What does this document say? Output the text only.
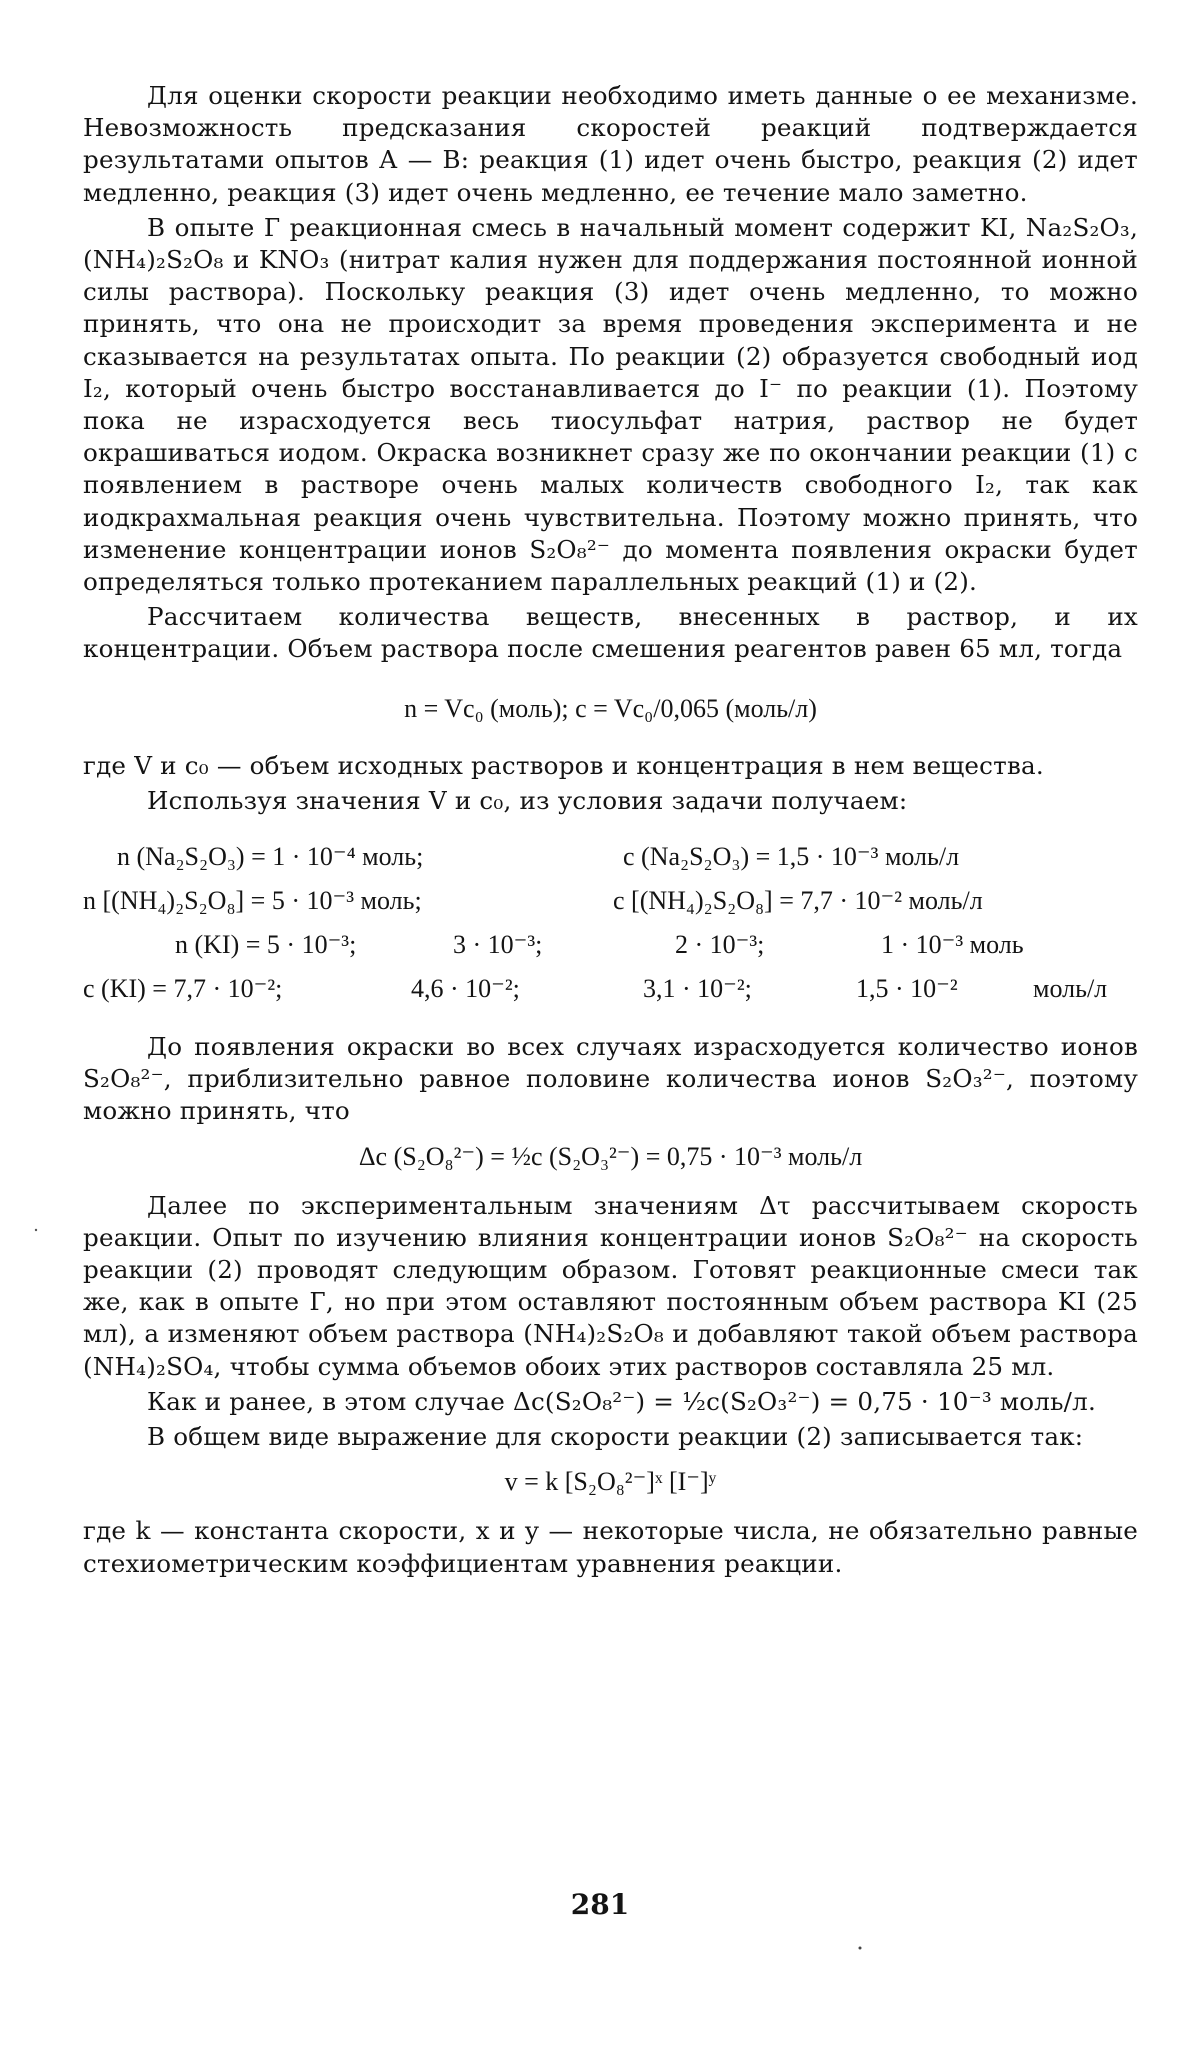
Для оценки скорости реакции необходимо иметь данные о ее механизме. Невозможность предсказания скоростей реакций подтверждается результатами опытов А — В: реакция (1) идет очень быстро, реакция (2) идет медленно, реакция (3) идет очень медленно, ее течение мало заметно.

В опыте Г реакционная смесь в начальный момент содержит KI, Na₂S₂O₃, (NH₄)₂S₂O₈ и KNO₃ (нитрат калия нужен для поддержания постоянной ионной силы раствора). Поскольку реакция (3) идет очень медленно, то можно принять, что она не происходит за время проведения эксперимента и не сказывается на результатах опыта. По реакции (2) образуется свободный иод I₂, который очень быстро восстанавливается до I⁻ по реакции (1). Поэтому пока не израсходуется весь тиосульфат натрия, раствор не будет окрашиваться иодом. Окраска возникнет сразу же по окончании реакции (1) с появлением в растворе очень малых количеств свободного I₂, так как иодкрахмальная реакция очень чувствительна. Поэтому можно принять, что изменение концентрации ионов S₂O₈²⁻ до момента появления окраски будет определяться только протеканием параллельных реакций (1) и (2).

Рассчитаем количества веществ, внесенных в раствор, и их концентрации. Объем раствора после смешения реагентов равен 65 мл, тогда

n = Vc₀ (моль); c = Vc₀/0,065 (моль/л)

где V и c₀ — объем исходных растворов и концентрация в нем вещества.

Используя значения V и c₀, из условия задачи получаем:

n (Na₂S₂O₃) = 1 · 10⁻⁴ моль;	c (Na₂S₂O₃) = 1,5 · 10⁻³ моль/л
n [(NH₄)₂S₂O₈] = 5 · 10⁻³ моль;	c [(NH₄)₂S₂O₈] = 7,7 · 10⁻² моль/л
n (KI) = 5 · 10⁻³;	3 · 10⁻³;	2 · 10⁻³;	1 · 10⁻³ моль
c (KI) = 7,7 · 10⁻²;	4,6 · 10⁻²;	3,1 · 10⁻²;	1,5 · 10⁻²	моль/л

До появления окраски во всех случаях израсходуется количество ионов S₂O₈²⁻, приблизительно равное половине количества ионов S₂O₃²⁻, поэтому можно принять, что

Δc (S₂O₈²⁻) = ½c (S₂O₃²⁻) = 0,75 · 10⁻³ моль/л

Далее по экспериментальным значениям Δτ рассчитываем скорость реакции. Опыт по изучению влияния концентрации ионов S₂O₈²⁻ на скорость реакции (2) проводят следующим образом. Готовят реакционные смеси так же, как в опыте Г, но при этом оставляют постоянным объем раствора KI (25 мл), а изменяют объем раствора (NH₄)₂S₂O₈ и добавляют такой объем раствора (NH₄)₂SO₄, чтобы сумма объемов обоих этих растворов составляла 25 мл.

Как и ранее, в этом случае Δc(S₂O₈²⁻) = ½c(S₂O₃²⁻) = 0,75 · 10⁻³ моль/л.

В общем виде выражение для скорости реакции (2) записывается так:

v = k [S₂O₈²⁻]ˣ [I⁻]ʸ

где k — константа скорости, x и y — некоторые числа, не обязательно равные стехиометрическим коэффициентам уравнения реакции.

281
